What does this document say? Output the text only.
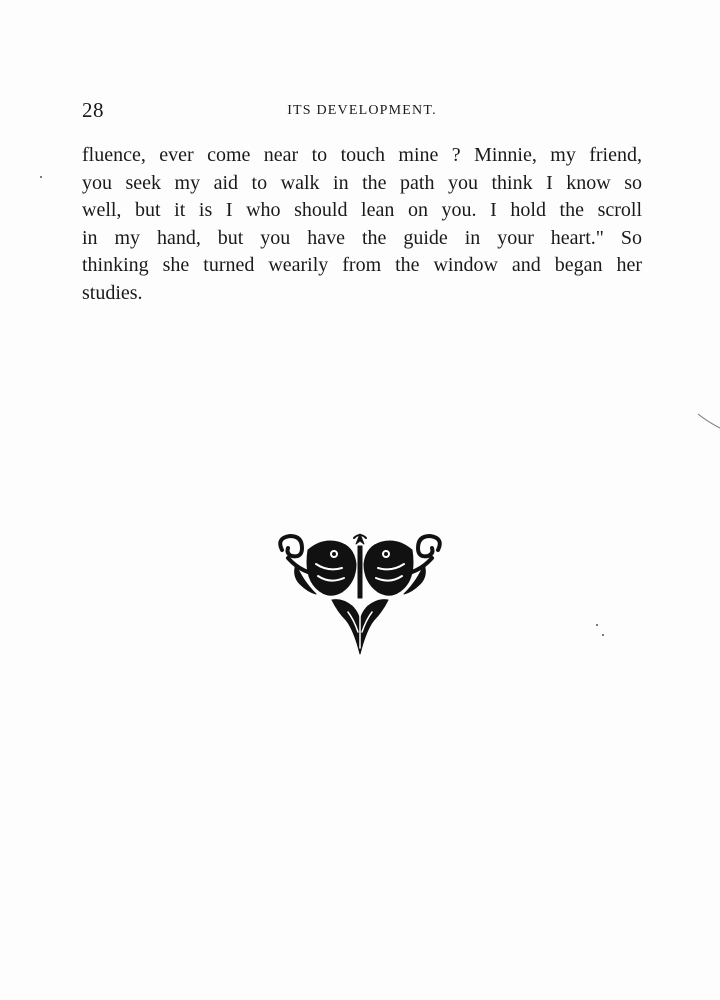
28	ITS DEVELOPMENT.
fluence, ever come near to touch mine ? Minnie, my friend,
you seek my aid to walk in the path you think I know so
well, but it is I who should lean on you. I hold the scroll
in my hand, but you have the guide in your heart." So
thinking she turned wearily from the window and began her
studies.
